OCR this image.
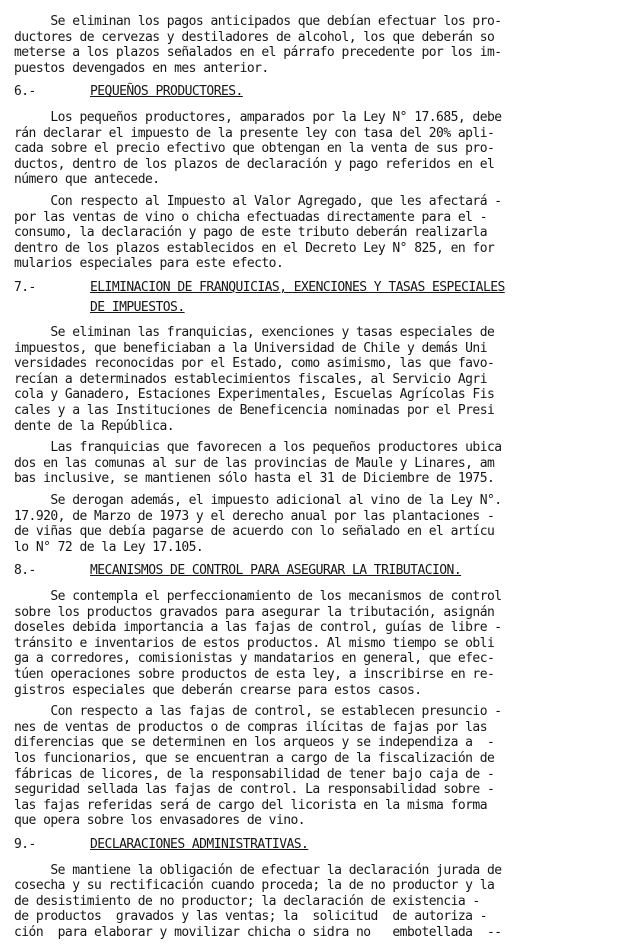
Se eliminan los pagos anticipados que debían efectuar los pro-
ductores de cervezas y destiladores de alcohol, los que deberán so
meterse a los plazos señalados en el párrafo precedente por los im-
puestos devengados en mes anterior.
6.-	PEQUEÑOS PRODUCTORES.
Los pequeños productores, amparados por la Ley N° 17.685, debe
rán declarar el impuesto de la presente ley con tasa del 20% apli-
cada sobre el precio efectivo que obtengan en la venta de sus pro-
ductos, dentro de los plazos de declaración y pago referidos en el
número que antecede.
Con respecto al Impuesto al Valor Agregado, que les afectará -
por las ventas de vino o chicha efectuadas directamente para el -
consumo, la declaración y pago de este tributo deberán realizarla
dentro de los plazos establecidos en el Decreto Ley N° 825, en for
mularios especiales para este efecto.
7.-	ELIMINACION DE FRANQUICIAS, EXENCIONES Y TASAS ESPECIALES
DE IMPUESTOS.
Se eliminan las franquicias, exenciones y tasas especiales de
impuestos, que beneficiaban a la Universidad de Chile y demás Uni
versidades reconocidas por el Estado, como asimismo, las que favo-
recían a determinados establecimientos fiscales, al Servicio Agri
cola y Ganadero, Estaciones Experimentales, Escuelas Agrícolas Fis
cales y a las Instituciones de Beneficencia nominadas por el Presi
dente de la República.
Las franquicias que favorecen a los pequeños productores ubica
dos en las comunas al sur de las provincias de Maule y Linares, am
bas inclusive, se mantienen sólo hasta el 31 de Diciembre de 1975.
Se derogan además, el impuesto adicional al vino de la Ley N°.
17.920, de Marzo de 1973 y el derecho anual por las plantaciones -
de viñas que debía pagarse de acuerdo con lo señalado en el artícu
lo N° 72 de la Ley 17.105.
8.-	MECANISMOS DE CONTROL PARA ASEGURAR LA TRIBUTACION.
Se contempla el perfeccionamiento de los mecanismos de control
sobre los productos gravados para asegurar la tributación, asignán
doseles debida importancia a las fajas de control, guías de libre -
tránsito e inventarios de estos productos. Al mismo tiempo se obli
ga a corredores, comisionistas y mandatarios en general, que efec-
túen operaciones sobre productos de esta ley, a inscribirse en re-
gistros especiales que deberán crearse para estos casos.
Con respecto a las fajas de control, se establecen presuncio -
nes de ventas de productos o de compras ilícitas de fajas por las
diferencias que se determinen en los arqueos y se independiza a  -
los funcionarios, que se encuentran a cargo de la fiscalización de
fábricas de licores, de la responsabilidad de tener bajo caja de -
seguridad sellada las fajas de control. La responsabilidad sobre -
las fajas referidas será de cargo del licorista en la misma forma
que opera sobre los envasadores de vino.
9.-	DECLARACIONES ADMINISTRATIVAS.
Se mantiene la obligación de efectuar la declaración jurada de
cosecha y su rectificación cuando proceda; la de no productor y la
de desistimiento de no productor; la declaración de existencia -
de productos  gravados y las ventas; la  solicitud  de autoriza -
ción  para elaborar y movilizar chicha o sidra no   embotellada  --
